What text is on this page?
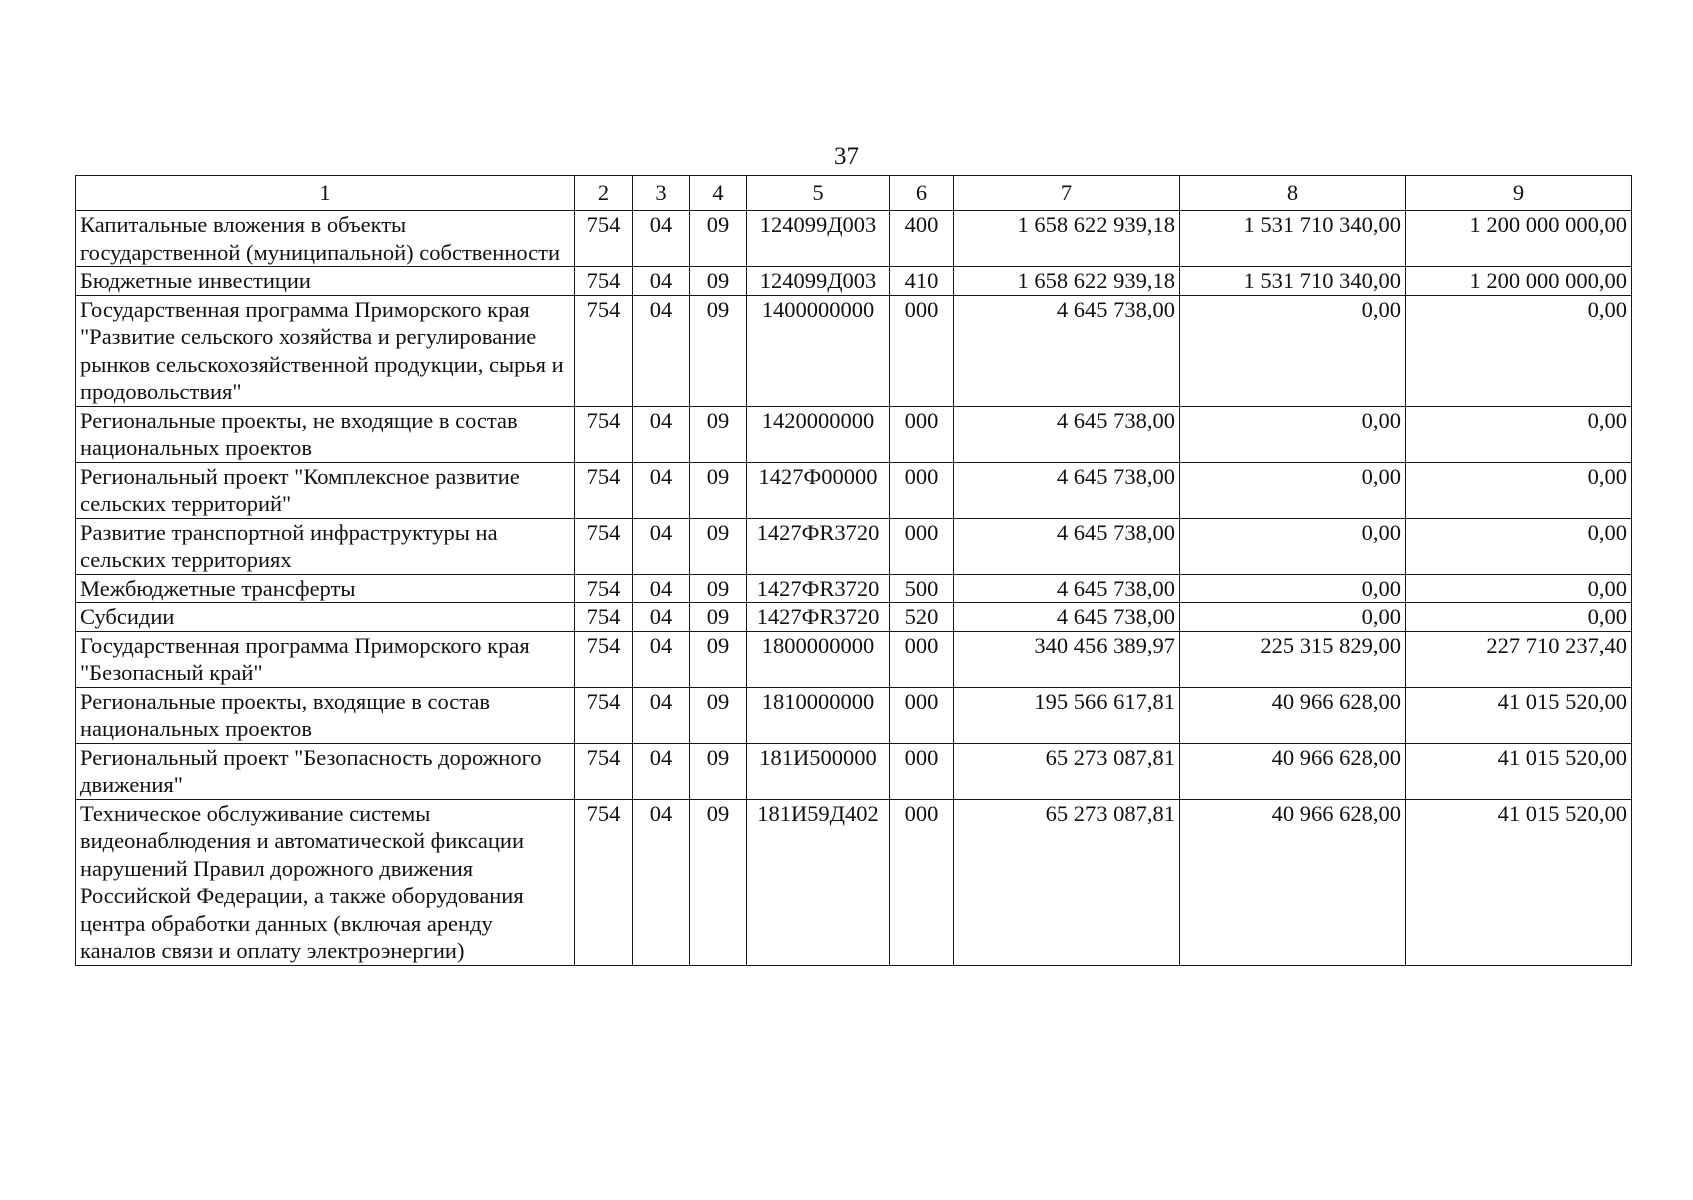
37
1	2	3	4	5	6	7	8	9
Капитальные вложения в объекты государственной (муниципальной) собственности	754	04	09	124099Д003	400	1 658 622 939,18	1 531 710 340,00	1 200 000 000,00
Бюджетные инвестиции	754	04	09	124099Д003	410	1 658 622 939,18	1 531 710 340,00	1 200 000 000,00
Государственная программа Приморского края "Развитие сельского хозяйства и регулирование рынков сельскохозяйственной продукции, сырья и продовольствия"	754	04	09	1400000000	000	4 645 738,00	0,00	0,00
Региональные проекты, не входящие в состав национальных проектов	754	04	09	1420000000	000	4 645 738,00	0,00	0,00
Региональный проект "Комплексное развитие сельских территорий"	754	04	09	1427Ф00000	000	4 645 738,00	0,00	0,00
Развитие транспортной инфраструктуры на сельских территориях	754	04	09	1427ФR3720	000	4 645 738,00	0,00	0,00
Межбюджетные трансферты	754	04	09	1427ФR3720	500	4 645 738,00	0,00	0,00
Субсидии	754	04	09	1427ФR3720	520	4 645 738,00	0,00	0,00
Государственная программа Приморского края "Безопасный край"	754	04	09	1800000000	000	340 456 389,97	225 315 829,00	227 710 237,40
Региональные проекты, входящие в состав национальных проектов	754	04	09	1810000000	000	195 566 617,81	40 966 628,00	41 015 520,00
Региональный проект "Безопасность дорожного движения"	754	04	09	181И500000	000	65 273 087,81	40 966 628,00	41 015 520,00
Техническое обслуживание системы видеонаблюдения и автоматической фиксации нарушений Правил дорожного движения Российской Федерации, а также оборудования центра обработки данных (включая аренду каналов связи и оплату электроэнергии)	754	04	09	181И59Д402	000	65 273 087,81	40 966 628,00	41 015 520,00
